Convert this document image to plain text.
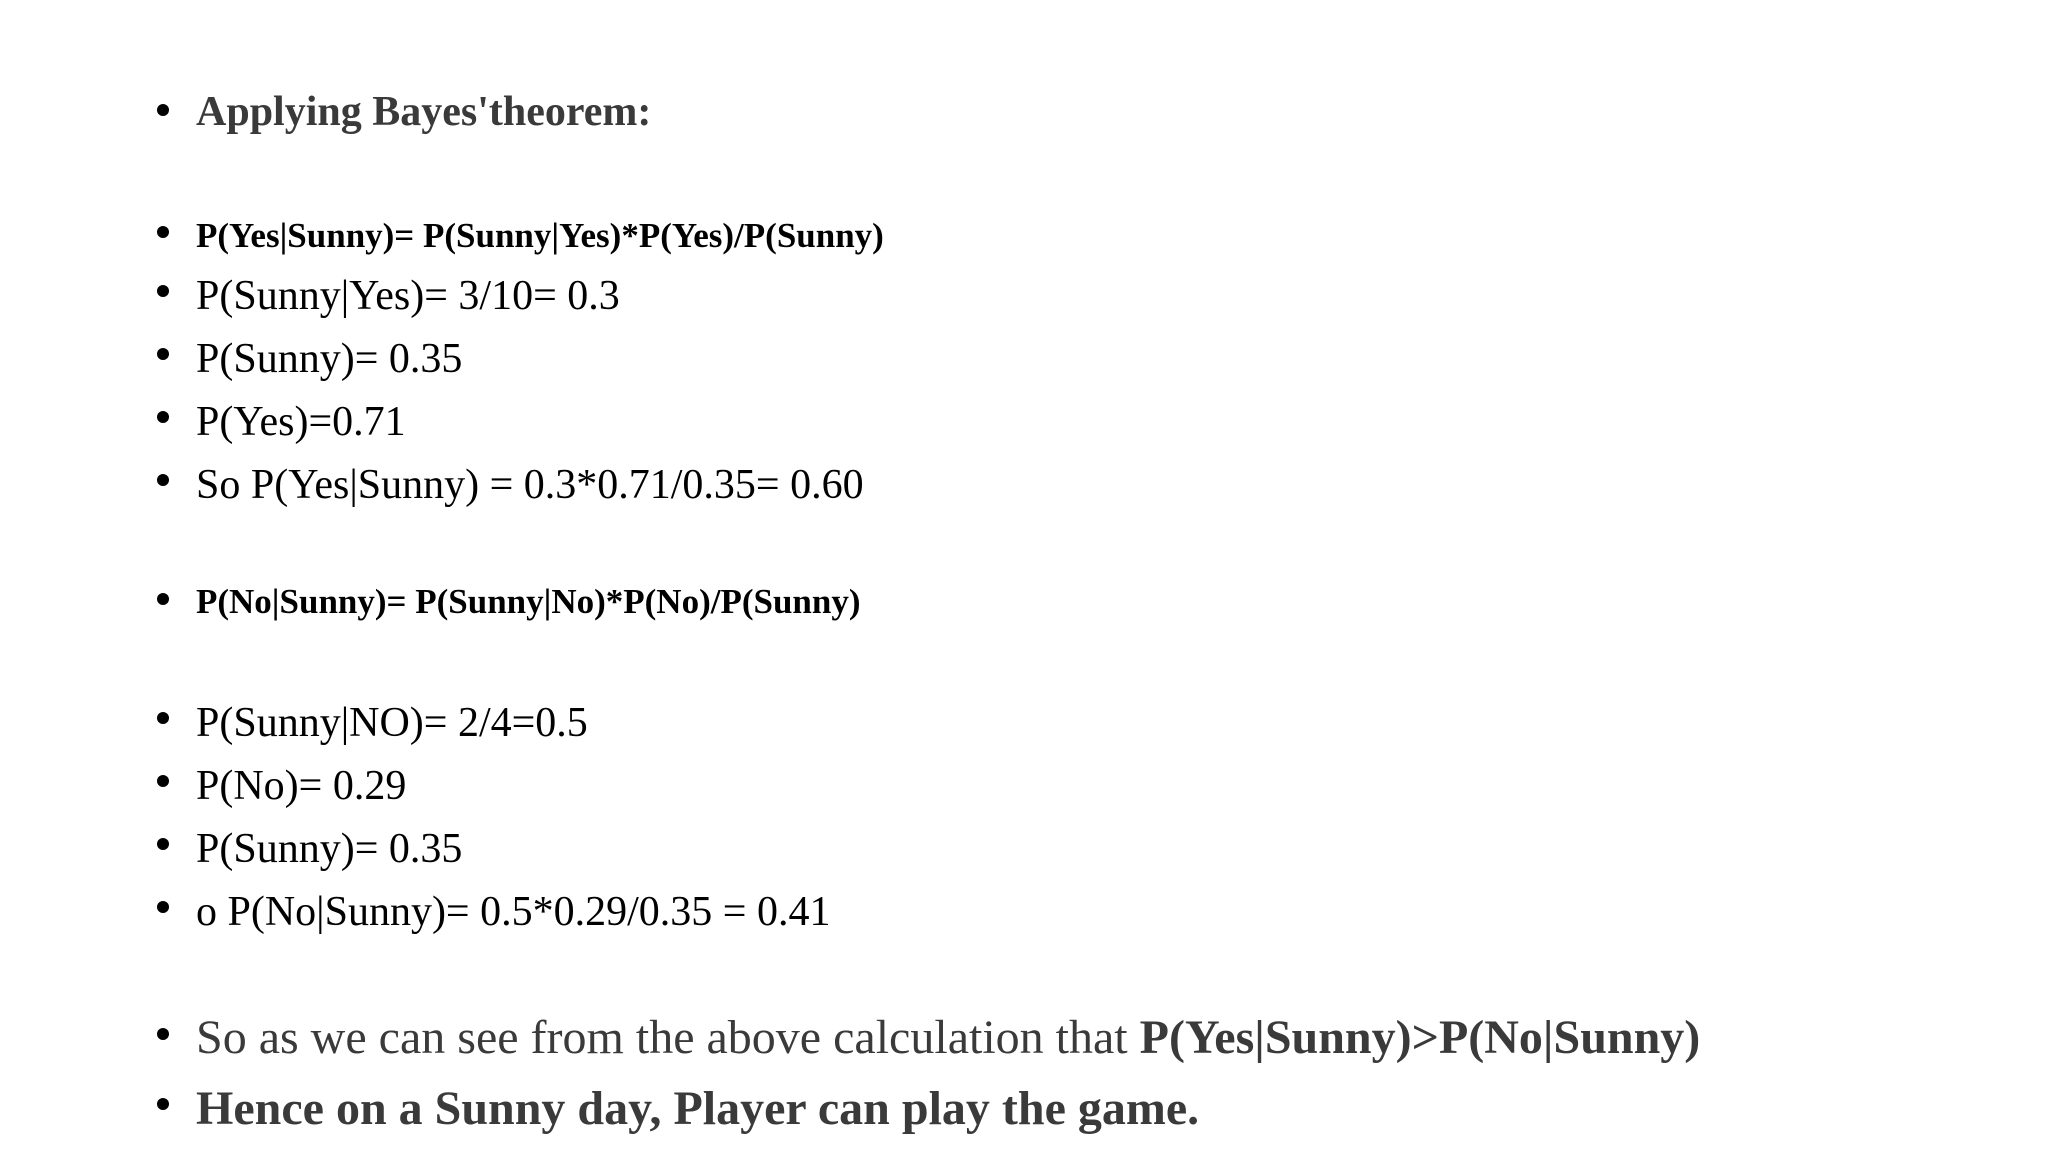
Applying Bayes'theorem:
P(Yes|Sunny)= P(Sunny|Yes)*P(Yes)/P(Sunny)
P(Sunny|Yes)= 3/10= 0.3
P(Sunny)= 0.35
P(Yes)=0.71
So P(Yes|Sunny) = 0.3*0.71/0.35= 0.60
P(No|Sunny)= P(Sunny|No)*P(No)/P(Sunny)
P(Sunny|NO)= 2/4=0.5
P(No)= 0.29
P(Sunny)= 0.35
o P(No|Sunny)= 0.5*0.29/0.35 = 0.41
So as we can see from the above calculation that P(Yes|Sunny)>P(No|Sunny)
Hence on a Sunny day, Player can play the game.
